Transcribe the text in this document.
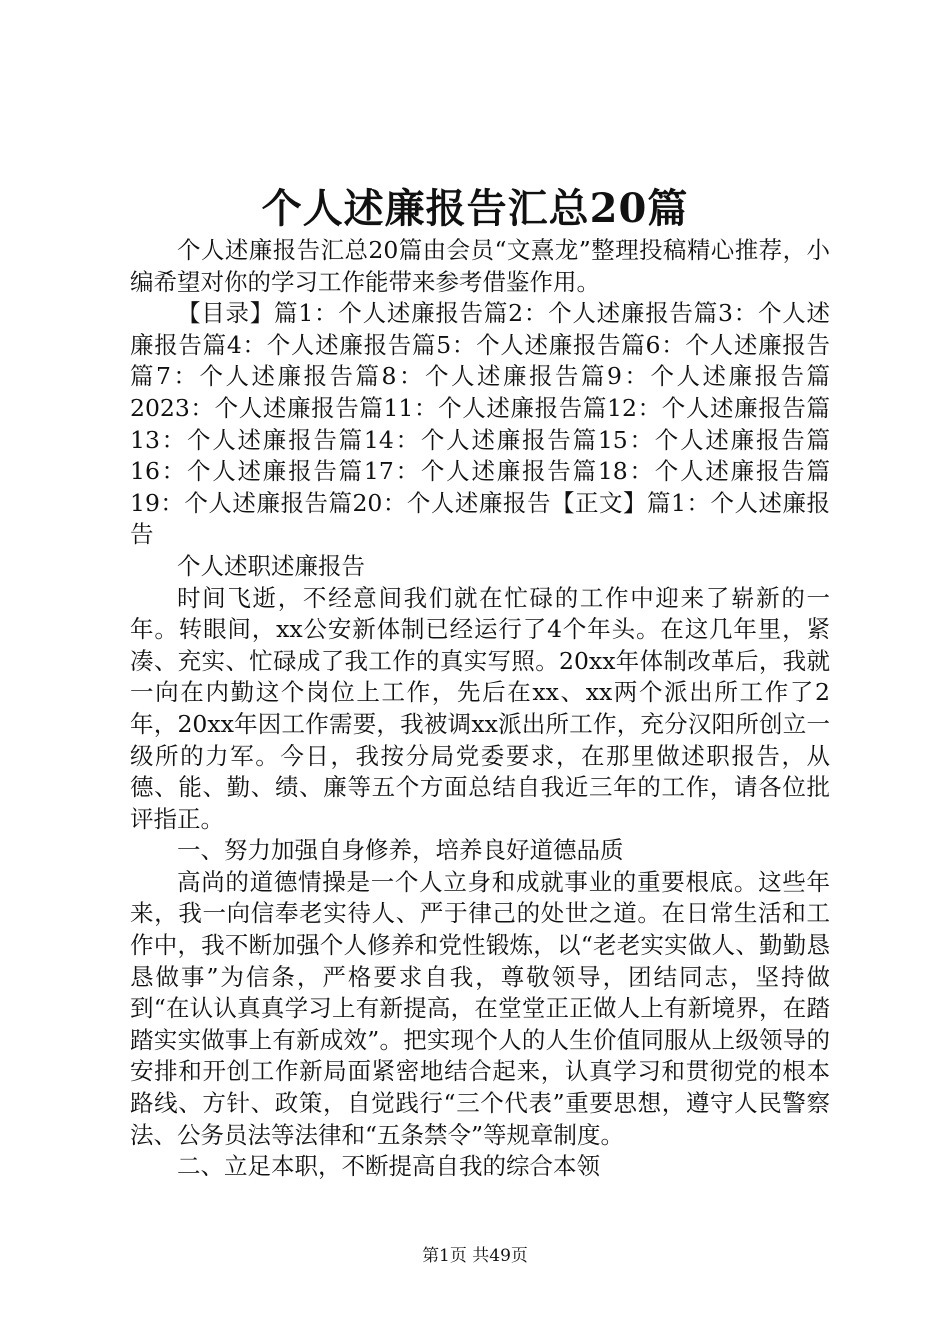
个人述廉报告汇总20篇

个人述廉报告汇总20篇由会员“文熹龙”整理投稿精心推荐，小编希望对你的学习工作能带来参考借鉴作用。

【目录】篇1：个人述廉报告篇2：个人述廉报告篇3：个人述廉报告篇4：个人述廉报告篇5：个人述廉报告篇6：个人述廉报告篇7：个人述廉报告篇8：个人述廉报告篇9：个人述廉报告篇2023：个人述廉报告篇11：个人述廉报告篇12：个人述廉报告篇13：个人述廉报告篇14：个人述廉报告篇15：个人述廉报告篇16：个人述廉报告篇17：个人述廉报告篇18：个人述廉报告篇19：个人述廉报告篇20：个人述廉报告【正文】篇1：个人述廉报告

个人述职述廉报告

时间飞逝，不经意间我们就在忙碌的工作中迎来了崭新的一年。转眼间，xx公安新体制已经运行了4个年头。在这几年里，紧凑、充实、忙碌成了我工作的真实写照。20xx年体制改革后，我就一向在内勤这个岗位上工作，先后在xx、xx两个派出所工作了2年，20xx年因工作需要，我被调xx派出所工作，充分汉阳所创立一级所的力军。今日，我按分局党委要求，在那里做述职报告，从德、能、勤、绩、廉等五个方面总结自我近三年的工作，请各位批评指正。

一、努力加强自身修养，培养良好道德品质

高尚的道德情操是一个人立身和成就事业的重要根底。这些年来，我一向信奉老实待人、严于律己的处世之道。在日常生活和工作中，我不断加强个人修养和党性锻炼，以“老老实实做人、勤勤恳恳做事”为信条，严格要求自我，尊敬领导，团结同志，坚持做到“在认认真真学习上有新提高，在堂堂正正做人上有新境界，在踏踏实实做事上有新成效”。把实现个人的人生价值同服从上级领导的安排和开创工作新局面紧密地结合起来，认真学习和贯彻党的根本路线、方针、政策，自觉践行“三个代表”重要思想，遵守人民警察法、公务员法等法律和“五条禁令”等规章制度。

二、立足本职，不断提高自我的综合本领

第1页 共49页
